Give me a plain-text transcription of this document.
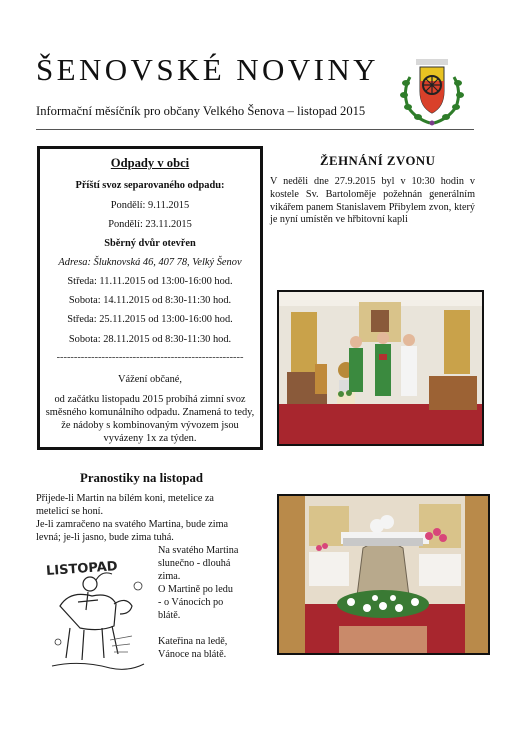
ŠENOVSKÉ NOVINY
Informační měsíčník pro občany Velkého Šenova – listopad 2015
Odpady v obci
Příští svoz separovaného odpadu:
Pondělí: 9.11.2015
Pondělí: 23.11.2015
Sběrný dvůr otevřen
Adresa: Šluknovská 46, 407 78, Velký Šenov
Středa: 11.11.2015 od 13:00-16:00 hod.
Sobota: 14.11.2015 od 8:30-11:30 hod.
Středa: 25.11.2015 od 13:00-16:00 hod.
Sobota: 28.11.2015 od 8:30-11:30 hod.
------------------------------------------------------
Vážení občané,
od začátku listopadu 2015 probíhá zimní svoz směsného komunálního odpadu. Znamená to tedy, že nádoby s kombinovaným vývozem jsou vyvázeny 1x za týden.
ŽEHNÁNÍ ZVONU
V neděli dne 27.9.2015 byl v 10:30 hodin v kostele Sv. Bartoloměje požehnán generálním vikářem panem Stanislavem Přibylem zvon, který je nyní umístěn ve hřbitovní kapli
Pranostiky na listopad
Přijede-li Martin na bílém koni, metelice za
metelicí se honí.
Je-li zamračeno na svatého Martina, bude zima
levná; je-li jasno, bude zima tuhá.
Na svatého Martina
slunečno - dlouhá
zima.
O Martině po ledu
- o Vánocích po
blátě.
Kateřina na ledě,
Vánoce na blátě.
LISTOPAD
